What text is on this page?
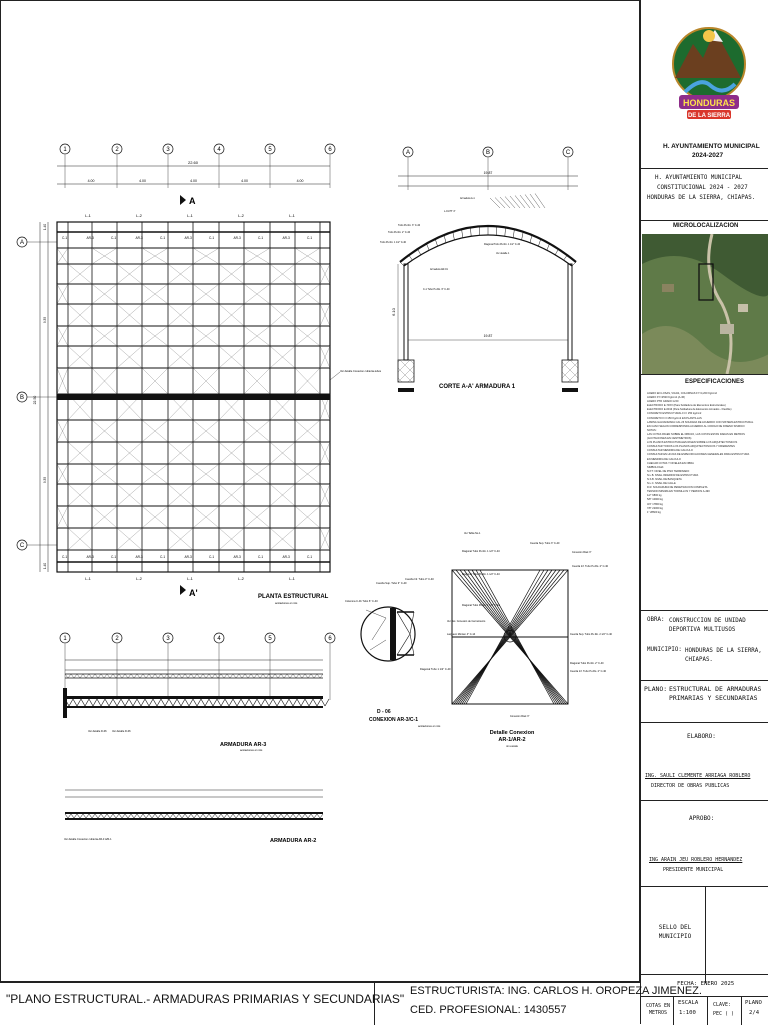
1	2	3	4	5	6
22.60
4.00	4.00	4.00	4.00	4.00
A
A'
A
B
C
22.50
1.40
9.35
9.35
1.40
C-1
C-1
AR-3
AR-3
C-1
C-1
AR-3
AR-3
C-1
C-1
AR-3
AR-3
C-1
C-1
AR-3
AR-3
C-1
C-1
AR-3
AR-3
C-1
C-1
L-1
L-1
L-2
L-2
L-1
L-1
L-2
L-2
L-1
L-1
PLANTA ESTRUCTURAL
acotaciones en mts
Ver detalle Conexion cubierta-tubos
A	B	C
19.87
19.87
6.10
Armadura A-1
L-01 HT 4"
Ver detalle 1
Diagonal Tubo Pu.Ro. 1 1/2" C-40
Tubo Pu.Ro. 3" C-40
Tubo Pu.Ro. 2" C-40
Tubo Pu.Ro. 1 1/2" C-40
Armadura AR-01
C-1 Tubo Pu.Ro. 6" C-40
CORTE A-A' ARMADURA 1
1	2	3	4	5	6
ARMADURA AR-3
acotaciones en mts
Ver detalle D-06 Ver detalle D-06
ARMADURA AR-2
Ver detalle Conexion cubierta AR-3 A/R-1
Cuerda Sup. Tubo 3" C-40
Cuerda Inf. Tubo 3" C-40
Columna C-01 Tubo 6" C-40
Diagonal Tubo 1 1/2" C-40
D - 06
CONEXION AR-3/C-1
acotaciones en mts
Ver Tabla No.1
Diagonal Tubo Pu.Ro. 1 1/2" C-40
Cuerda Sup. Tubo 3" C-40
Diagonal Tubo Pu.Ro. 1 1/2" C-40
Conexion Rtek 3"
Cuerda Inf. Tubo Pu.Ro. 2" C-40
Diagonal Tubo Pu.Ro. 1 1/2" C-40
Ver Det. Conexion de Cerramiento
Larguero Monten 4" C-14	Cuerda Sup. Tubo Pu.Ro. 2 1/2" C-40
Diagonal Tubo Pu.Ro. 2" C-40
Cuerda Inf. Tubo Pu.Ro. 2" C-40
Conexion Rtek 3"
Detalle Conexion
AR-1/AR-2
sin escala
HONDURAS
DE LA SIERRA

H. AYUNTAMIENTO MUNICIPAL

2024-2027

H. AYUNTAMIENTO MUNICIPAL

CONSTITUCIONAL 2024 - 2027

HONDURAS DE LA SIERRA, CHIAPAS.

MICROLOCALIZACION

ESPECIFICACIONES

ACERO EN LOSAS, VIGAS, COLUMNAS FY=4,200 Kg/cm2
ACERO FY=2530 Kg/cm2 (A-36)
ACERO PTR GRADO A-50
ELECTRODO E-70XX (Para Soldadura de Elementos Estructurales)
ELECTRODO E-6013 (Para Soldadura de Elementos Armados - Flexible)
CONCRETO ESTRUCTURAL F'c= 250 kg/cm2
CONCRETO F'c=150 Kg/cm2 EN PLANTILLAS
LAMINA GALVANIZADA CAL 26 SOLDADA DE ACUERDO CON SISTEMA ESTRUCTURAL
EN CASO SEGUN CORRESPONDA ACUERDO AL CODIGO DE DISENO SISMICO
NOTAS:
LAS COTAS RIGEN SOBRE EL DIBUJO, LAS COTAS ESTAN DADAS EN METROS
(ACOTACIONES EN CENTIMETROS)
LOS PLANOS ESTRUCTURALES RIGEN SOBRE LOS ARQUITECTONICOS
CONSULTAR TODOS LOS PLANOS ARQUITECTONICOS Y DIFERENTES
CONSULTAR MEMORIA DE CALCULO
CONSULTAR EN HOJAS DE ESPECIFICACIONES GENERALES PARA ESTRUCTURA
EN MEMORIA DE CALCULO
CHECAR COTAS Y NIVELES EN OBRA
SIMBOLOGIA:
N.P.T. NIVEL DE PISO TERMINADO
N.L.B. NIVEL INFERIOR DE ESTRUCTURA
N.S.B. NIVEL DE BANQUETA
N.L.C. NIVEL DE CALLE
D.R. SOLDADURA DE PENETRACION COMPLETA
TENSION MINIMA EN TORNILLOS Y PERNOS A-490
1/2" 6800 kg
5/8" 10900 kg
3/4" 17800 kg
7/8" 22000 kg
1" 28600 kg

OBRA: CONSTRUCCION DE UNIDAD DEPORTIVA MULTIUSOS

MUNICIPIO: HONDURAS DE LA SIERRA, CHIAPAS.

PLANO: ESTRUCTURAL DE ARMADURAS PRIMARIAS Y SECUNDARIAS

ELABORO:

ING. SAULI CLEMENTE ARRIAGA ROBLERO

DIRECTOR DE OBRAS PUBLICAS

APROBO:

ING ARAIN JEU ROBLERO HERNANDEZ

PRESIDENTE MUNICIPAL

SELLO DEL MUNICIPIO

FECHA: ENERO 2025

COTAS EN METROS

ESCALA

1:100

CLAVE:

PEC ( )

PLANO

2/4

"PLANO ESTRUCTURAL.- ARMADURAS PRIMARIAS Y SECUNDARIAS"

ESTRUCTURISTA: ING. CARLOS H. OROPEZA JIMENEZ.

CED. PROFESIONAL: 1430557
